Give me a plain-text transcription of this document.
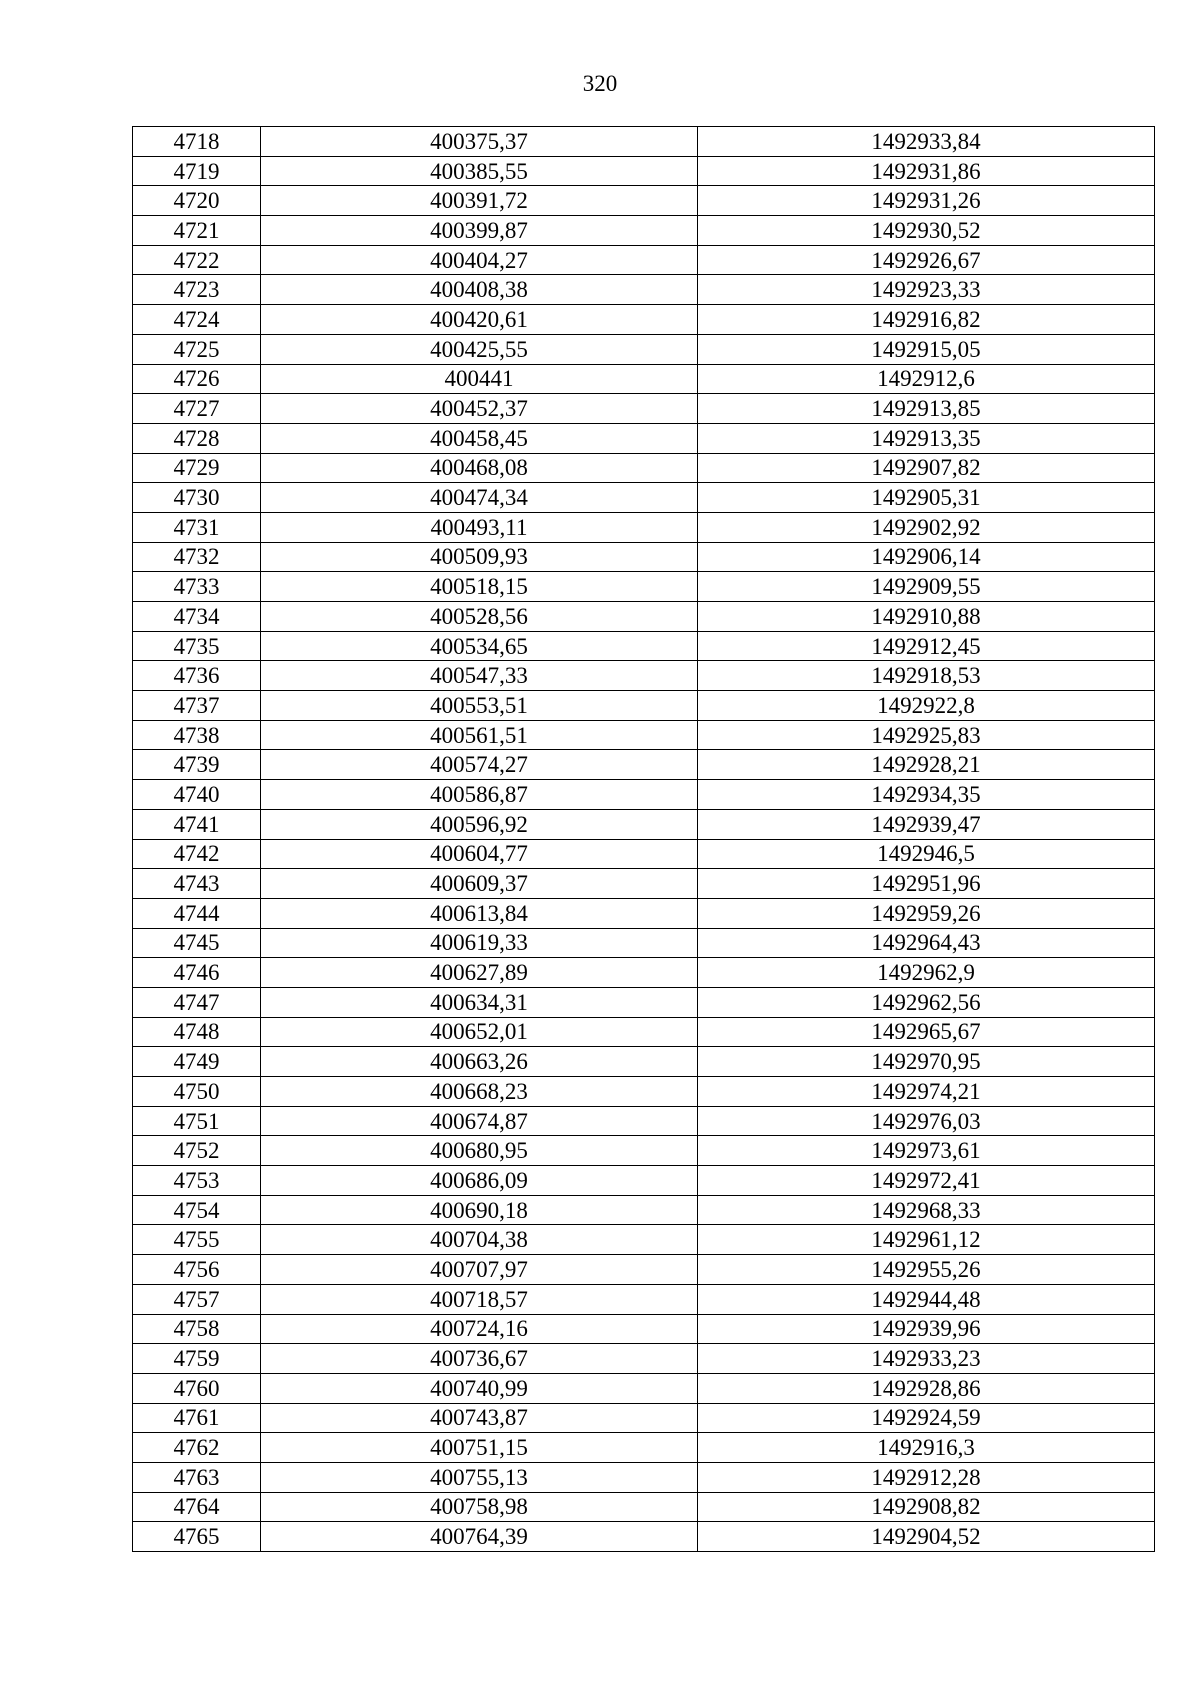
320
4718	400375,37	1492933,84
4719	400385,55	1492931,86
4720	400391,72	1492931,26
4721	400399,87	1492930,52
4722	400404,27	1492926,67
4723	400408,38	1492923,33
4724	400420,61	1492916,82
4725	400425,55	1492915,05
4726	400441	1492912,6
4727	400452,37	1492913,85
4728	400458,45	1492913,35
4729	400468,08	1492907,82
4730	400474,34	1492905,31
4731	400493,11	1492902,92
4732	400509,93	1492906,14
4733	400518,15	1492909,55
4734	400528,56	1492910,88
4735	400534,65	1492912,45
4736	400547,33	1492918,53
4737	400553,51	1492922,8
4738	400561,51	1492925,83
4739	400574,27	1492928,21
4740	400586,87	1492934,35
4741	400596,92	1492939,47
4742	400604,77	1492946,5
4743	400609,37	1492951,96
4744	400613,84	1492959,26
4745	400619,33	1492964,43
4746	400627,89	1492962,9
4747	400634,31	1492962,56
4748	400652,01	1492965,67
4749	400663,26	1492970,95
4750	400668,23	1492974,21
4751	400674,87	1492976,03
4752	400680,95	1492973,61
4753	400686,09	1492972,41
4754	400690,18	1492968,33
4755	400704,38	1492961,12
4756	400707,97	1492955,26
4757	400718,57	1492944,48
4758	400724,16	1492939,96
4759	400736,67	1492933,23
4760	400740,99	1492928,86
4761	400743,87	1492924,59
4762	400751,15	1492916,3
4763	400755,13	1492912,28
4764	400758,98	1492908,82
4765	400764,39	1492904,52
